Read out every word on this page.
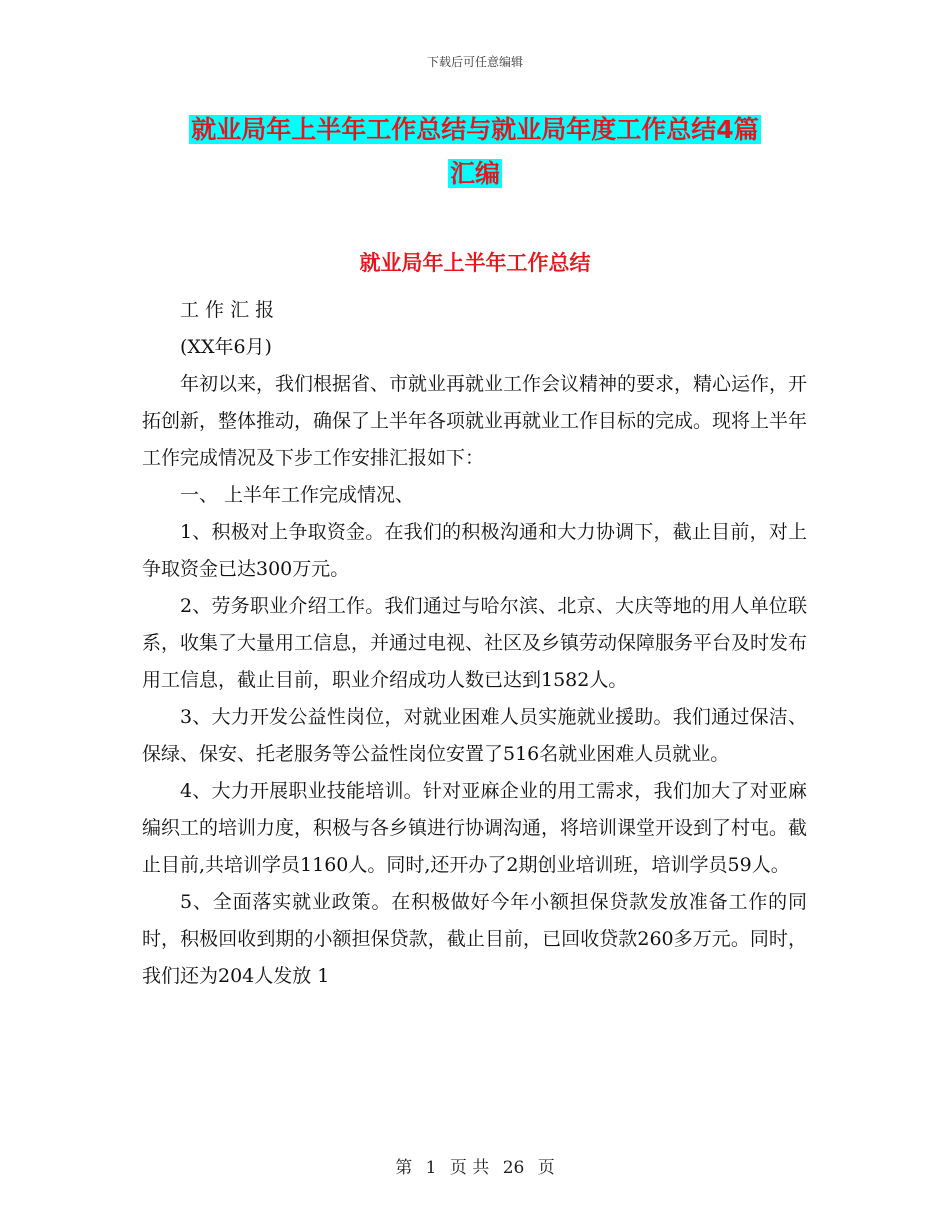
下载后可任意编辑
就业局年上半年工作总结与就业局年度工作总结4篇
汇编
就业局年上半年工作总结

工 作 汇 报

(XX年6月)

年初以来，我们根据省、市就业再就业工作会议精神的要求，精心运作，开拓创新，整体推动，确保了上半年各项就业再就业工作目标的完成。现将上半年工作完成情况及下步工作安排汇报如下：

一、 上半年工作完成情况、

1、积极对上争取资金。在我们的积极沟通和大力协调下，截止目前，对上争取资金已达300万元。

2、劳务职业介绍工作。我们通过与哈尔滨、北京、大庆等地的用人单位联系，收集了大量用工信息，并通过电视、社区及乡镇劳动保障服务平台及时发布用工信息，截止目前，职业介绍成功人数已达到1582人。

3、大力开发公益性岗位，对就业困难人员实施就业援助。我们通过保洁、保绿、保安、托老服务等公益性岗位安置了516名就业困难人员就业。

4、大力开展职业技能培训。针对亚麻企业的用工需求，我们加大了对亚麻编织工的培训力度，积极与各乡镇进行协调沟通，将培训课堂开设到了村屯。截止目前,共培训学员1160人。同时,还开办了2期创业培训班，培训学员59人。

5、全面落实就业政策。在积极做好今年小额担保贷款发放准备工作的同时，积极回收到期的小额担保贷款，截止目前，已回收贷款260多万元。同时，我们还为204人发放 1

第 1 页 共 26 页
